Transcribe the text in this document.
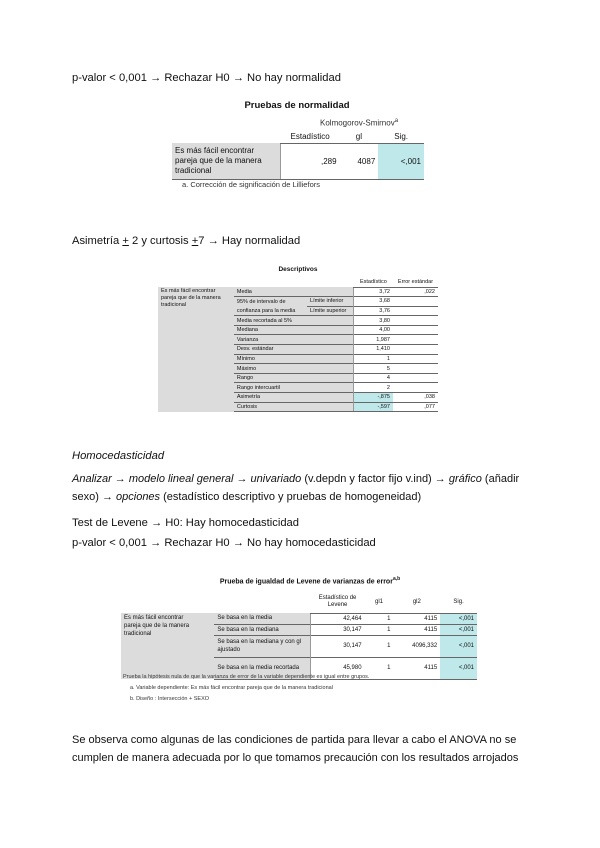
p-valor < 0,001 → Rechazar H0 → No hay normalidad
Pruebas de normalidad
Kolmogorov-Smirnov$^a$
	Estadístico	gl	Sig.

Es más fácil encontrar
pareja que de la manera
tradicional	,289	4087	<,001
a. Corrección de significación de Lilliefors
Asimetría + 2 y curtosis +7 → Hay normalidad
Descriptivos
			Estadístico	Error estándar

Es más fácil encontrar
pareja que de la manera
tradicional	Media		3,72	,022
	95% de intervalo de	Límite inferior	3,68	
	confianza para la media	Límite superior	3,76	
	Media recortada al 5%		3,80	
	Mediana		4,00	
	Varianza		1,987	
	Desv. estándar		1,410	
	Mínimo		1	
	Máximo		5	
	Rango		4	
	Rango intercuartil		2	
	Asimetría		-,875	,038
	Curtosis		-,597	,077
Homocedasticidad
Analizar → modelo lineal general → univariado (v.depdn y factor fijo v.ind) → gráfico (añadir sexo) → opciones (estadístico descriptivo y pruebas de homogeneidad)
Test de Levene → H0: Hay homocedasticidad
p-valor < 0,001 → Rechazar H0 → No hay homocedasticidad
Prueba de igualdad de Levene de varianzas de error$^{a,b}$
		Estadístico de Levene	gl1	gl2	Sig.

Es más fácil encontrar
pareja que de la manera
tradicional	Se basa en la media	42,464	1	4115	<,001
	Se basa en la mediana	30,147	1	4115	<,001
	Se basa en la mediana y con gl ajustado	30,147	1	4096,332	<,001
	Se basa en la media recortada	45,980	1	4115	<,001
Prueba la hipótesis nula de que la varianza de error de la variable dependiente es igual entre grupos.
a. Variable dependiente: Es más fácil encontrar pareja que de la manera tradicional
b. Diseño : Intersección + SEXO
Se observa como algunas de las condiciones de partida para llevar a cabo el ANOVA no se cumplen de manera adecuada por lo que tomamos precaución con los resultados arrojados
